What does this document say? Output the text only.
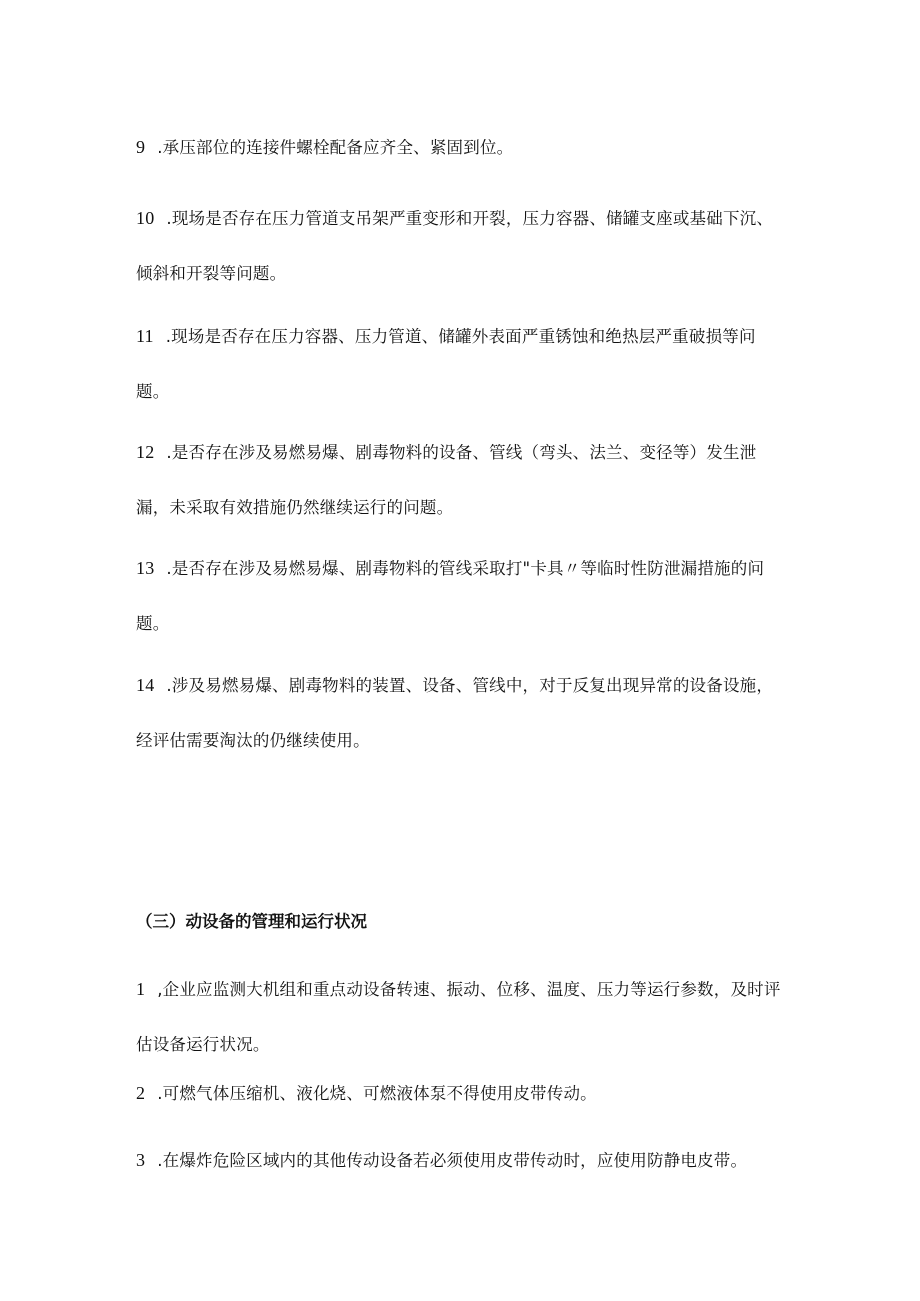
9 .承压部位的连接件螺栓配备应齐全、紧固到位。
10 .现场是否存在压力管道支吊架严重变形和开裂，压力容器、储罐支座或基础下沉、倾斜和开裂等问题。
11 .现场是否存在压力容器、压力管道、储罐外表面严重锈蚀和绝热层严重破损等问题。
12 .是否存在涉及易燃易爆、剧毒物料的设备、管线（弯头、法兰、变径等）发生泄漏，未采取有效措施仍然继续运行的问题。
13 .是否存在涉及易燃易爆、剧毒物料的管线采取打"卡具〃等临时性防泄漏措施的问题。
14 .涉及易燃易爆、剧毒物料的装置、设备、管线中，对于反复出现异常的设备设施，经评估需要淘汰的仍继续使用。
（三）动设备的管理和运行状况
1 ,企业应监测大机组和重点动设备转速、振动、位移、温度、压力等运行参数，及时评估设备运行状况。
2 .可燃气体压缩机、液化烧、可燃液体泵不得使用皮带传动。
3 .在爆炸危险区域内的其他传动设备若必须使用皮带传动时，应使用防静电皮带。
